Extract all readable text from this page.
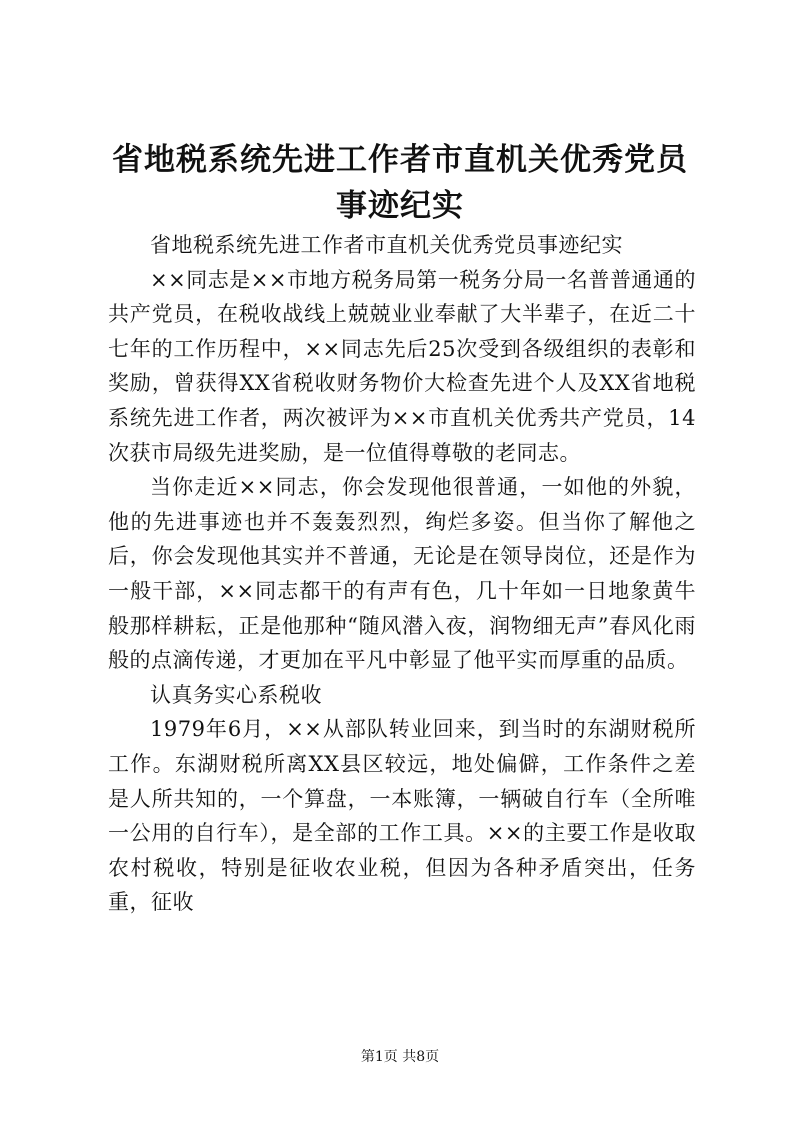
省地税系统先进工作者市直机关优秀党员事迹纪实

省地税系统先进工作者市直机关优秀党员事迹纪实

××同志是××市地方税务局第一税务分局一名普普通通的共产党员，在税收战线上兢兢业业奉献了大半辈子，在近二十七年的工作历程中，××同志先后25次受到各级组织的表彰和奖励，曾获得XX省税收财务物价大检查先进个人及XX省地税系统先进工作者，两次被评为××市直机关优秀共产党员，14次获市局级先进奖励，是一位值得尊敬的老同志。

当你走近××同志，你会发现他很普通，一如他的外貌，他的先进事迹也并不轰轰烈烈，绚烂多姿。但当你了解他之后，你会发现他其实并不普通，无论是在领导岗位，还是作为一般干部，××同志都干的有声有色，几十年如一日地象黄牛般那样耕耘，正是他那种“随风潜入夜，润物细无声”春风化雨般的点滴传递，才更加在平凡中彰显了他平实而厚重的品质。

认真务实心系税收

1979年6月，××从部队转业回来，到当时的东湖财税所工作。东湖财税所离XX县区较远，地处偏僻，工作条件之差是人所共知的，一个算盘，一本账簿，一辆破自行车（全所唯一公用的自行车），是全部的工作工具。××的主要工作是收取农村税收，特别是征收农业税，但因为各种矛盾突出，任务重，征收

第1页 共8页
